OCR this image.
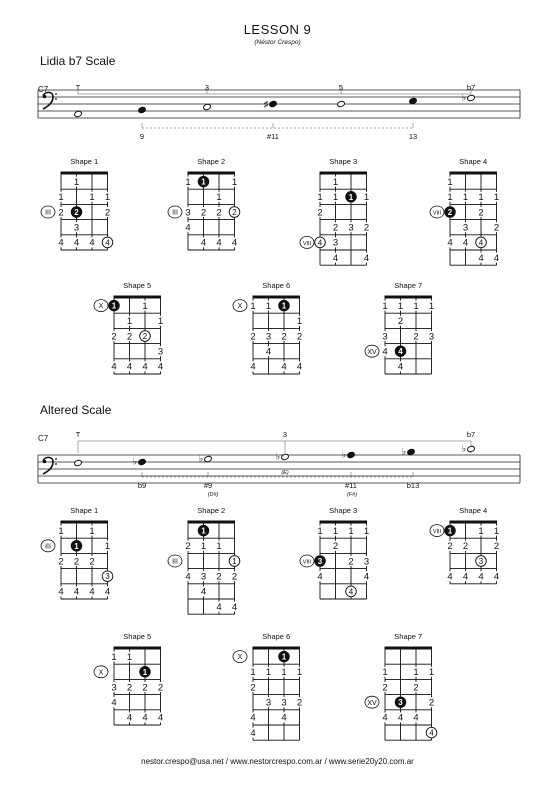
LESSON 9
(Néstor Crespo)
Lidia b7 Scale
Altered Scale
C7	T	3	5	b7
9	#11	13
♯
♭
C7	T	3	b7
b9	#9	#11	b13
(D#)
(E)
(F#)
♭	♭	♭	♭	♭	♭
Shape 1
III
1
1	1 1
2 2	2
3
4 4 4 4
Shape 2
III
1 1	1
1
3 2 2 2
4
4 4 4
Shape 3
VIII
1
1 1 1 1
2
2 3 2
4 3
4	4
Shape 4
VIII
1
1 1 1 1
2	2
3	2
4 4 4
4 4
Shape 5
X 1	1
1	1
2 2 2
3
4 4 4 4
Shape 6
X 1 1 1
1
2 3 2 2
4
4	4 4
Shape 7
XV
1 1 1 1
2
3	2 3
4 4
4
Shape 1
III
1	1
1	1
2 2 2
3
4 4 4 4
Shape 2
III
1
2 1 1
1
4 3 2 2
4
4 4
Shape 3
VIII
1 1 1 1
2
3	2 3
4	4
4
Shape 4
VIII 1	1 1
2 2	2
3
4 4 4 4
Shape 5
X
1 1
1
3 2 2 2
4
4 4 4
Shape 6
X	1
1 1 1 1
2
3 3 2
4	4
4
Shape 7
XV
1	1 1
2	2
3	2
4 4 4
4
nestor.crespo@usa.net / www.nestorcrespo.com.ar / www.serie20y20.com.ar
